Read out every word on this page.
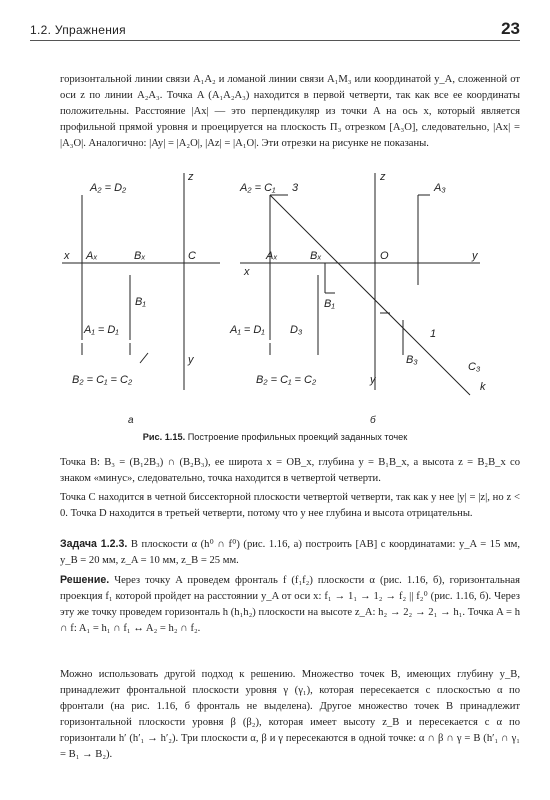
1.2. Упражнения	23

горизонтальной линии связи A₁A₂ и ломаной линии связи A₁M₃ или координатой y_A, сложенной от оси z по линии A₂A₃. Точка A (A₁A₂A₃) находится в первой четверти, так как все ее координаты положительны. Расстояние |Ax| — это перпендикуляр из точки A на ось x, который является профильной прямой уровня и проецируется на плоскость П₃ отрезком [A₃O], следовательно, |Ax| = |A₃O|. Аналогично: |Ay| = |A₂O|, |Az| = |A₁O|. Эти отрезки на рисунке не показаны.

A₂ = D₂
z
x Aₓ	Bₓ	C
B₁
A₁ = D₁
y
B₂ = C₁ = C₂
а
A₂ = C₁ 3
z
A₃
x
Aₓ	Bₓ	O	y
B₁
A₁ = D₁ D₃	1
B₃
C₃
B₂ = C₁ = C₂	y
k
б
Рис. 1.15. Построение профильных проекций заданных точек

Точка B: B₃ = (B₁2B₃) ∩ (B₂B₃), ее широта x = OB_x, глубина y = B₁B_x, а высота z = B₂B_x со знаком «минус», следовательно, точка находится в четвертой четверти.

Точка C находится в четной биссекторной плоскости четвертой четверти, так как у нее |y| = |z|, но z < 0. Точка D находится в третьей четверти, потому что у нее глубина и высота отрицательны.

Задача 1.2.3. В плоскости α (h⁰ ∩ f⁰) (рис. 1.16, а) построить [AB] с координатами: y_A = 15 мм, y_B = 20 мм, z_A = 10 мм, z_B = 25 мм.

Решение. Через точку A проведем фронталь f (f₁f₂) плоскости α (рис. 1.16, б), горизонтальная проекция f₁ которой пройдет на расстоянии y_A от оси x: f₁ → 1₁ → 1₂ → f₂ || f₂⁰ (рис. 1.16, б). Через эту же точку проведем горизонталь h (h₁h₂) плоскости на высоте z_A: h₂ → 2₂ → 2₁ → h₁. Точка A = h ∩ f: A₁ = h₁ ∩ f₁ ↔ A₂ = h₂ ∩ f₂.

Можно использовать другой подход к решению. Множество точек B, имеющих глубину y_B, принадлежит фронтальной плоскости уровня γ (γ₁), которая пересекается с плоскостью α по фронтали (на рис. 1.16, б фронталь не выделена). Другое множество точек B принадлежит горизонтальной плоскости уровня β (β₂), которая имеет высоту z_B и пересекается с α по горизонтали h′ (h′₁ → h′₂). Три плоскости α, β и γ пересекаются в одной точке: α ∩ β ∩ γ = B (h′₁ ∩ γ₁ = B₁ → B₂).
